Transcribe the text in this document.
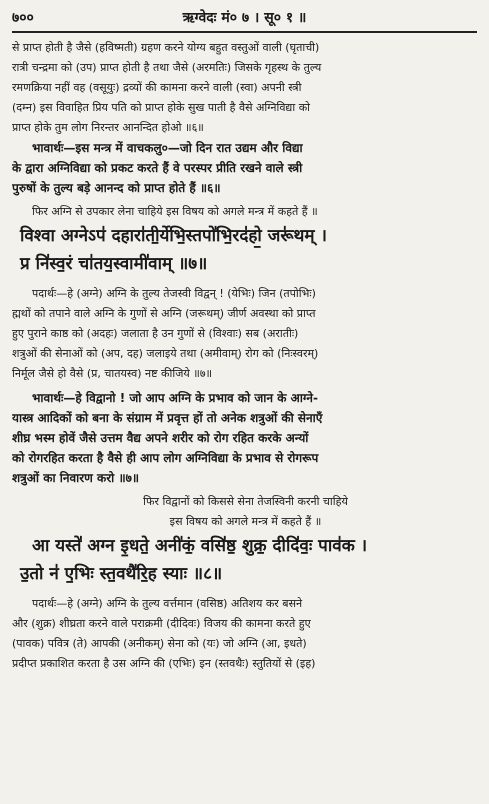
७००	ऋग्वेदः मं० ७ । सू० १ ॥
से प्राप्त होती है जैसे (हविष्मती) ग्रहण करने योग्य बहुत वस्तुओं वाली (घृताची)
रात्री चन्द्रमा को (उप) प्राप्त होती है तथा जैसे (अरमतिः) जिसके गृहस्थ के तुल्य
रमणक्रिया नहीं वह (वसूयुः) द्रव्यों की कामना करने वाली (स्वा) अपनी स्त्री
(दम्न) इस विवाहित प्रिय पति को प्राप्त होके सुख पाती है वैसे अग्निविद्या को
प्राप्त होके तुम लोग निरन्तर आनन्दित होओ ॥६॥
भावार्थः—इस मन्त्र में वाचकलु०—जो दिन रात उद्यम और विद्या
के द्वारा अग्निविद्या को प्रकट करते हैं वे परस्पर प्रीति रखने वाले स्त्री
पुरुषों के तुल्य बड़े आनन्द को प्राप्त होते हैं ॥६॥
फिर अग्नि से उपकार लेना चाहिये इस विषय को अगले मन्त्र में कहते हैं ॥
विश्वा अग्नेऽप॑ दहारा॑ती॒र्येभि॒स्तपो॑भि॒रद॑हो॒ जरू॑थम् ।
प्र नि॑स्व॒रं चा॑तय॒स्वामी॑वाम् ॥७॥
पदार्थः—हे (अग्ने) अग्नि के तुल्य तेजस्वी विद्वन् ! (येभिः) जिन (तपोभिः)
ह्मथों को तपाने वाले अग्नि के गुणों से अग्नि (जरूथम्) जीर्ण अवस्था को प्राप्त
हुए पुराने काष्ठ को (अदहः) जलाता है उन गुणों से (विश्वाः) सब (अरातीः)
शत्रुओं की सेनाओं को (अप, दह) जलाइये तथा (अमीवाम्) रोग को (निःस्वरम्)
निर्मूल जैसे हो वैसे (प्र, चातयस्व) नष्ट कीजिये ॥७॥
भावार्थः—हे विद्वानो ! जो आप अग्नि के प्रभाव को जान के आग्ने-
यास्त्र आदिकों को बना के संग्राम में प्रवृत्त हों तो अनेक शत्रुओं की सेनाएँ
शीघ्र भस्म होवें जैसे उत्तम वैद्य अपने शरीर को रोग रहित करके अन्यों
को रोगरहित करता है वैसे ही आप लोग अग्निविद्या के प्रभाव से रोगरूप
शत्रुओं का निवारण करो ॥७॥
फिर विद्वानों को किससे सेना तेजस्विनी करनी चाहिये
इस विषय को अगले मन्त्र में कहते हैं ॥
आ यस्ते॑ अग्न इ॒धते॒ अनी॑कं॒ वसि॑ष्ठ॒ शुक्र॒ दीदि॑वः॒ पाव॑क ।
उ॒तो न॑ ए॒भिः स्त॒वथै॑रि॒ह स्याः ॥८॥
पदार्थः—हे (अग्ने) अग्नि के तुल्य वर्त्तमान (वसिष्ठ) अतिशय कर बसने
और (शुक्र) शीघ्रता करने वाले पराक्रमी (दीदिवः) विजय की कामना करते हुए
(पावक) पवित्र (ते) आपकी (अनीकम्) सेना को (यः) जो अग्नि (आ, इधते)
प्रदीप्त प्रकाशित करता है उस अग्नि की (एभिः) इन (स्तवथैः) स्तुतियों से (इह)
